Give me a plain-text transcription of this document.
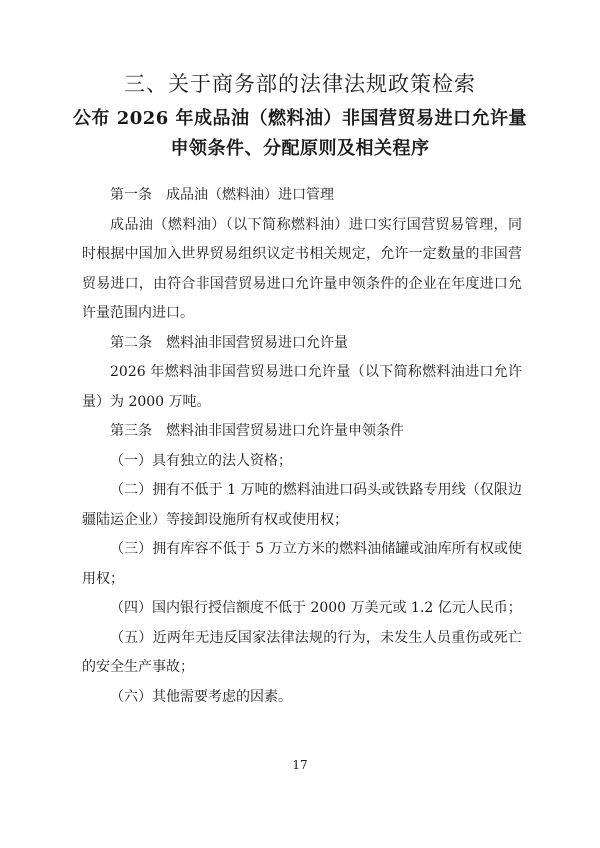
三、关于商务部的法律法规政策检索
公布 2026 年成品油（燃料油）非国营贸易进口允许量
申领条件、分配原则及相关程序

第一条 成品油（燃料油）进口管理

成品油（燃料油）（以下简称燃料油）进口实行国营贸易管理，同时根据中国加入世界贸易组织议定书相关规定，允许一定数量的非国营贸易进口，由符合非国营贸易进口允许量申领条件的企业在年度进口允许量范围内进口。

第二条 燃料油非国营贸易进口允许量

2026 年燃料油非国营贸易进口允许量（以下简称燃料油进口允许量）为 2000 万吨。

第三条 燃料油非国营贸易进口允许量申领条件

（一）具有独立的法人资格；

（二）拥有不低于 1 万吨的燃料油进口码头或铁路专用线（仅限边疆陆运企业）等接卸设施所有权或使用权；

（三）拥有库容不低于 5 万立方米的燃料油储罐或油库所有权或使用权；

（四）国内银行授信额度不低于 2000 万美元或 1.2 亿元人民币；

（五）近两年无违反国家法律法规的行为，未发生人员重伤或死亡的安全生产事故；

（六）其他需要考虑的因素。

17
